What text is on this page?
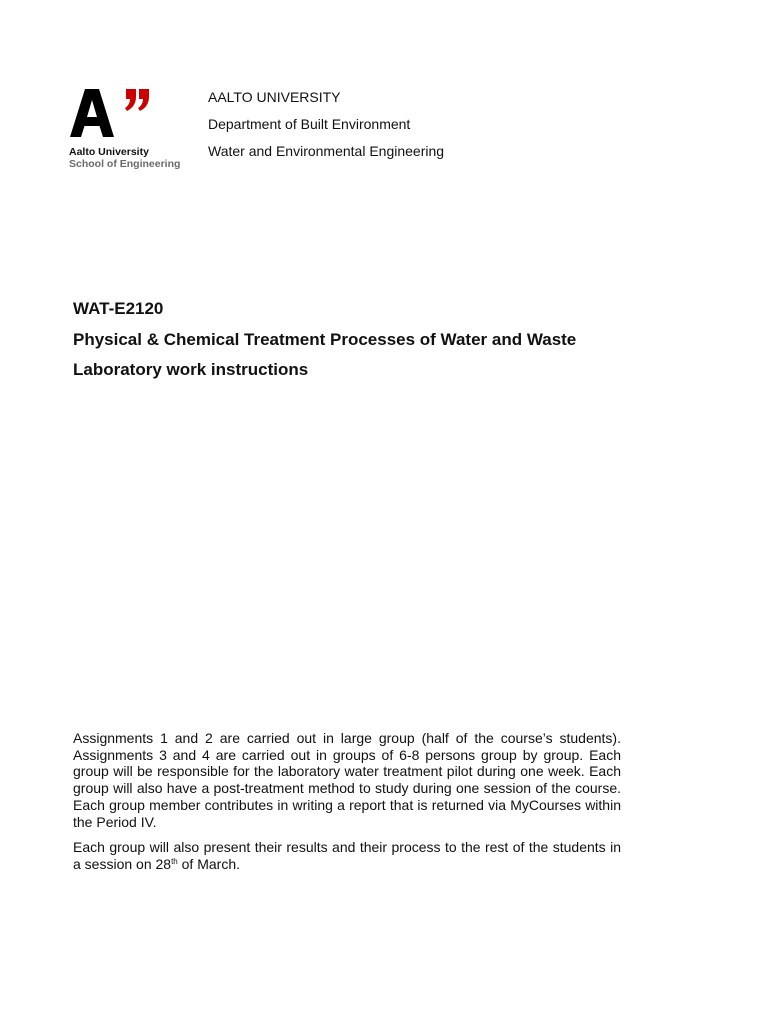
Aalto University
School of Engineering
AALTO UNIVERSITY
Department of Built Environment
Water and Environmental Engineering
WAT-E2120
Physical & Chemical Treatment Processes of Water and Waste
Laboratory work instructions

Assignments 1 and 2 are carried out in large group (half of the course’s students). Assignments 3 and 4 are carried out in groups of 6-8 persons group by group. Each group will be responsible for the laboratory water treatment pilot during one week. Each group will also have a post-treatment method to study during one session of the course. Each group member contributes in writing a report that is returned via MyCourses within the Period IV.

Each group will also present their results and their process to the rest of the students in a session on 28th of March.
